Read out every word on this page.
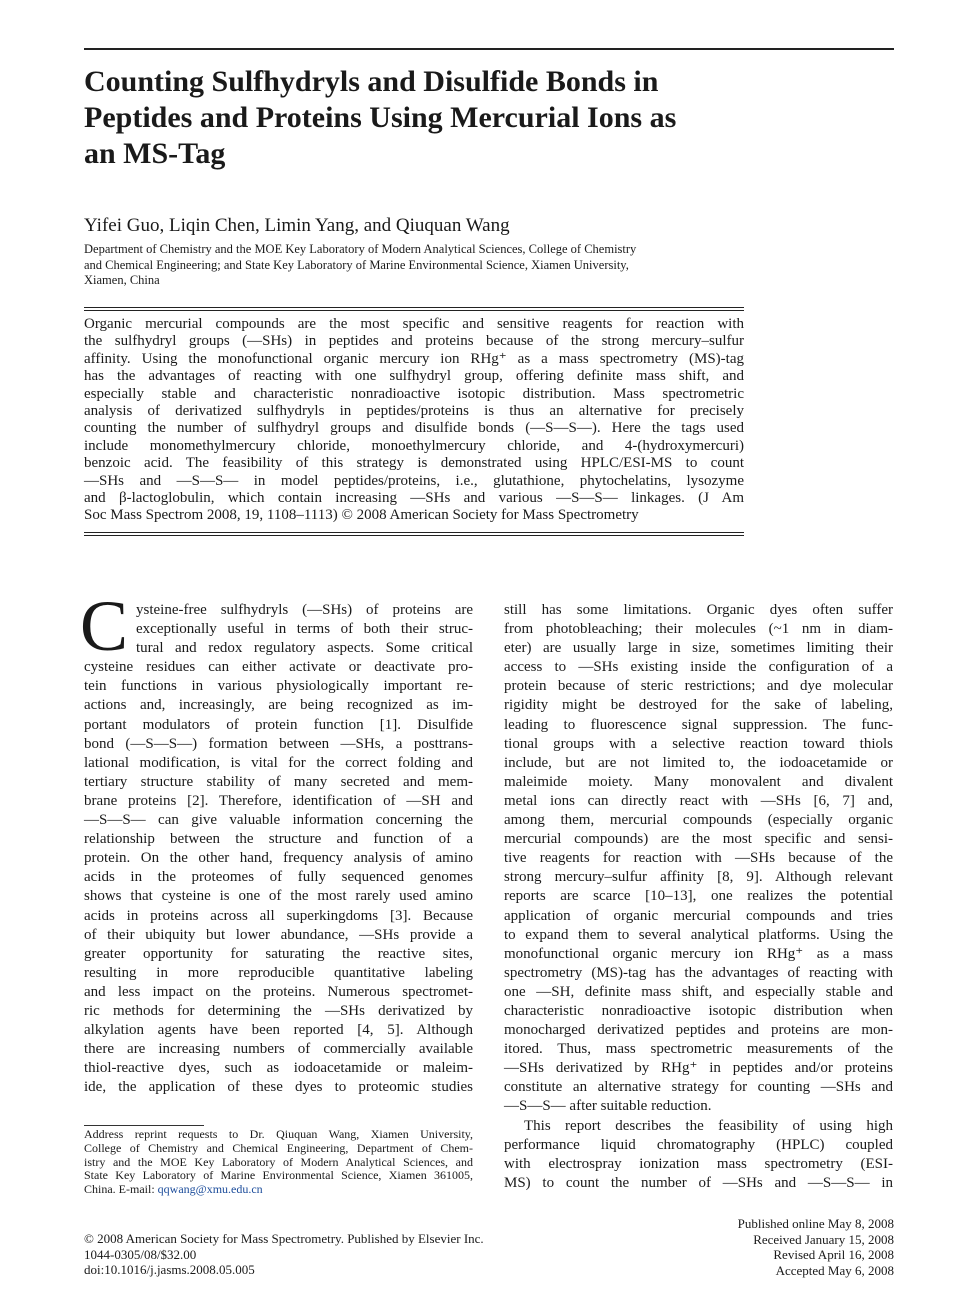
Counting Sulfhydryls and Disulfide Bonds in
Peptides and Proteins Using Mercurial Ions as
an MS-Tag
Yifei Guo, Liqin Chen, Limin Yang, and Qiuquan Wang
Department of Chemistry and the MOE Key Laboratory of Modern Analytical Sciences, College of Chemistry
and Chemical Engineering; and State Key Laboratory of Marine Environmental Science, Xiamen University,
Xiamen, China
Organic mercurial compounds are the most specific and sensitive reagents for reaction with
the sulfhydryl groups (—SHs) in peptides and proteins because of the strong mercury–sulfur
affinity. Using the monofunctional organic mercury ion RHg⁺ as a mass spectrometry (MS)-tag
has the advantages of reacting with one sulfhydryl group, offering definite mass shift, and
especially stable and characteristic nonradioactive isotopic distribution. Mass spectrometric
analysis of derivatized sulfhydryls in peptides/proteins is thus an alternative for precisely
counting the number of sulfhydryl groups and disulfide bonds (—S—S—). Here the tags used
include monomethylmercury chloride, monoethylmercury chloride, and 4-(hydroxymercuri)
benzoic acid. The feasibility of this strategy is demonstrated using HPLC/ESI-MS to count
—SHs and —S—S— in model peptides/proteins, i.e., glutathione, phytochelatins, lysozyme
and β-lactoglobulin, which contain increasing —SHs and various —S—S— linkages. (J Am
Soc Mass Spectrom 2008, 19, 1108–1113) © 2008 American Society for Mass Spectrometry
C ysteine-free sulfhydryls (—SHs) of proteins are
exceptionally useful in terms of both their struc-
tural and redox regulatory aspects. Some critical
cysteine residues can either activate or deactivate pro-
tein functions in various physiologically important re-
actions and, increasingly, are being recognized as im-
portant modulators of protein function [1]. Disulfide
bond (—S—S—) formation between —SHs, a posttrans-
lational modification, is vital for the correct folding and
tertiary structure stability of many secreted and mem-
brane proteins [2]. Therefore, identification of —SH and
—S—S— can give valuable information concerning the
relationship between the structure and function of a
protein. On the other hand, frequency analysis of amino
acids in the proteomes of fully sequenced genomes
shows that cysteine is one of the most rarely used amino
acids in proteins across all superkingdoms [3]. Because
of their ubiquity but lower abundance, —SHs provide a
greater opportunity for saturating the reactive sites,
resulting in more reproducible quantitative labeling
and less impact on the proteins. Numerous spectromet-
ric methods for determining the —SHs derivatized by
alkylation agents have been reported [4, 5]. Although
there are increasing numbers of commercially available
thiol-reactive dyes, such as iodoacetamide or maleim-
ide, the application of these dyes to proteomic studies
still has some limitations. Organic dyes often suffer
from photobleaching; their molecules (~1 nm in diam-
eter) are usually large in size, sometimes limiting their
access to —SHs existing inside the configuration of a
protein because of steric restrictions; and dye molecular
rigidity might be destroyed for the sake of labeling,
leading to fluorescence signal suppression. The func-
tional groups with a selective reaction toward thiols
include, but are not limited to, the iodoacetamide or
maleimide moiety. Many monovalent and divalent
metal ions can directly react with —SHs [6, 7] and,
among them, mercurial compounds (especially organic
mercurial compounds) are the most specific and sensi-
tive reagents for reaction with —SHs because of the
strong mercury–sulfur affinity [8, 9]. Although relevant
reports are scarce [10–13], one realizes the potential
application of organic mercurial compounds and tries
to expand them to several analytical platforms. Using the
monofunctional organic mercury ion RHg⁺ as a mass
spectrometry (MS)-tag has the advantages of reacting with
one —SH, definite mass shift, and especially stable and
characteristic nonradioactive isotopic distribution when
monocharged derivatized peptides and proteins are mon-
itored. Thus, mass spectrometric measurements of the
—SHs derivatized by RHg⁺ in peptides and/or proteins
constitute an alternative strategy for counting —SHs and
—S—S— after suitable reduction.
This report describes the feasibility of using high
performance liquid chromatography (HPLC) coupled
with electrospray ionization mass spectrometry (ESI-
MS) to count the number of —SHs and —S—S— in
Address reprint requests to Dr. Qiuquan Wang, Xiamen University,
College of Chemistry and Chemical Engineering, Department of Chem-
istry and the MOE Key Laboratory of Modern Analytical Sciences, and
State Key Laboratory of Marine Environmental Science, Xiamen 361005,
China. E-mail: qqwang@xmu.edu.cn
© 2008 American Society for Mass Spectrometry. Published by Elsevier Inc.
1044-0305/08/$32.00
doi:10.1016/j.jasms.2008.05.005
Published online May 8, 2008
Received January 15, 2008
Revised April 16, 2008
Accepted May 6, 2008
